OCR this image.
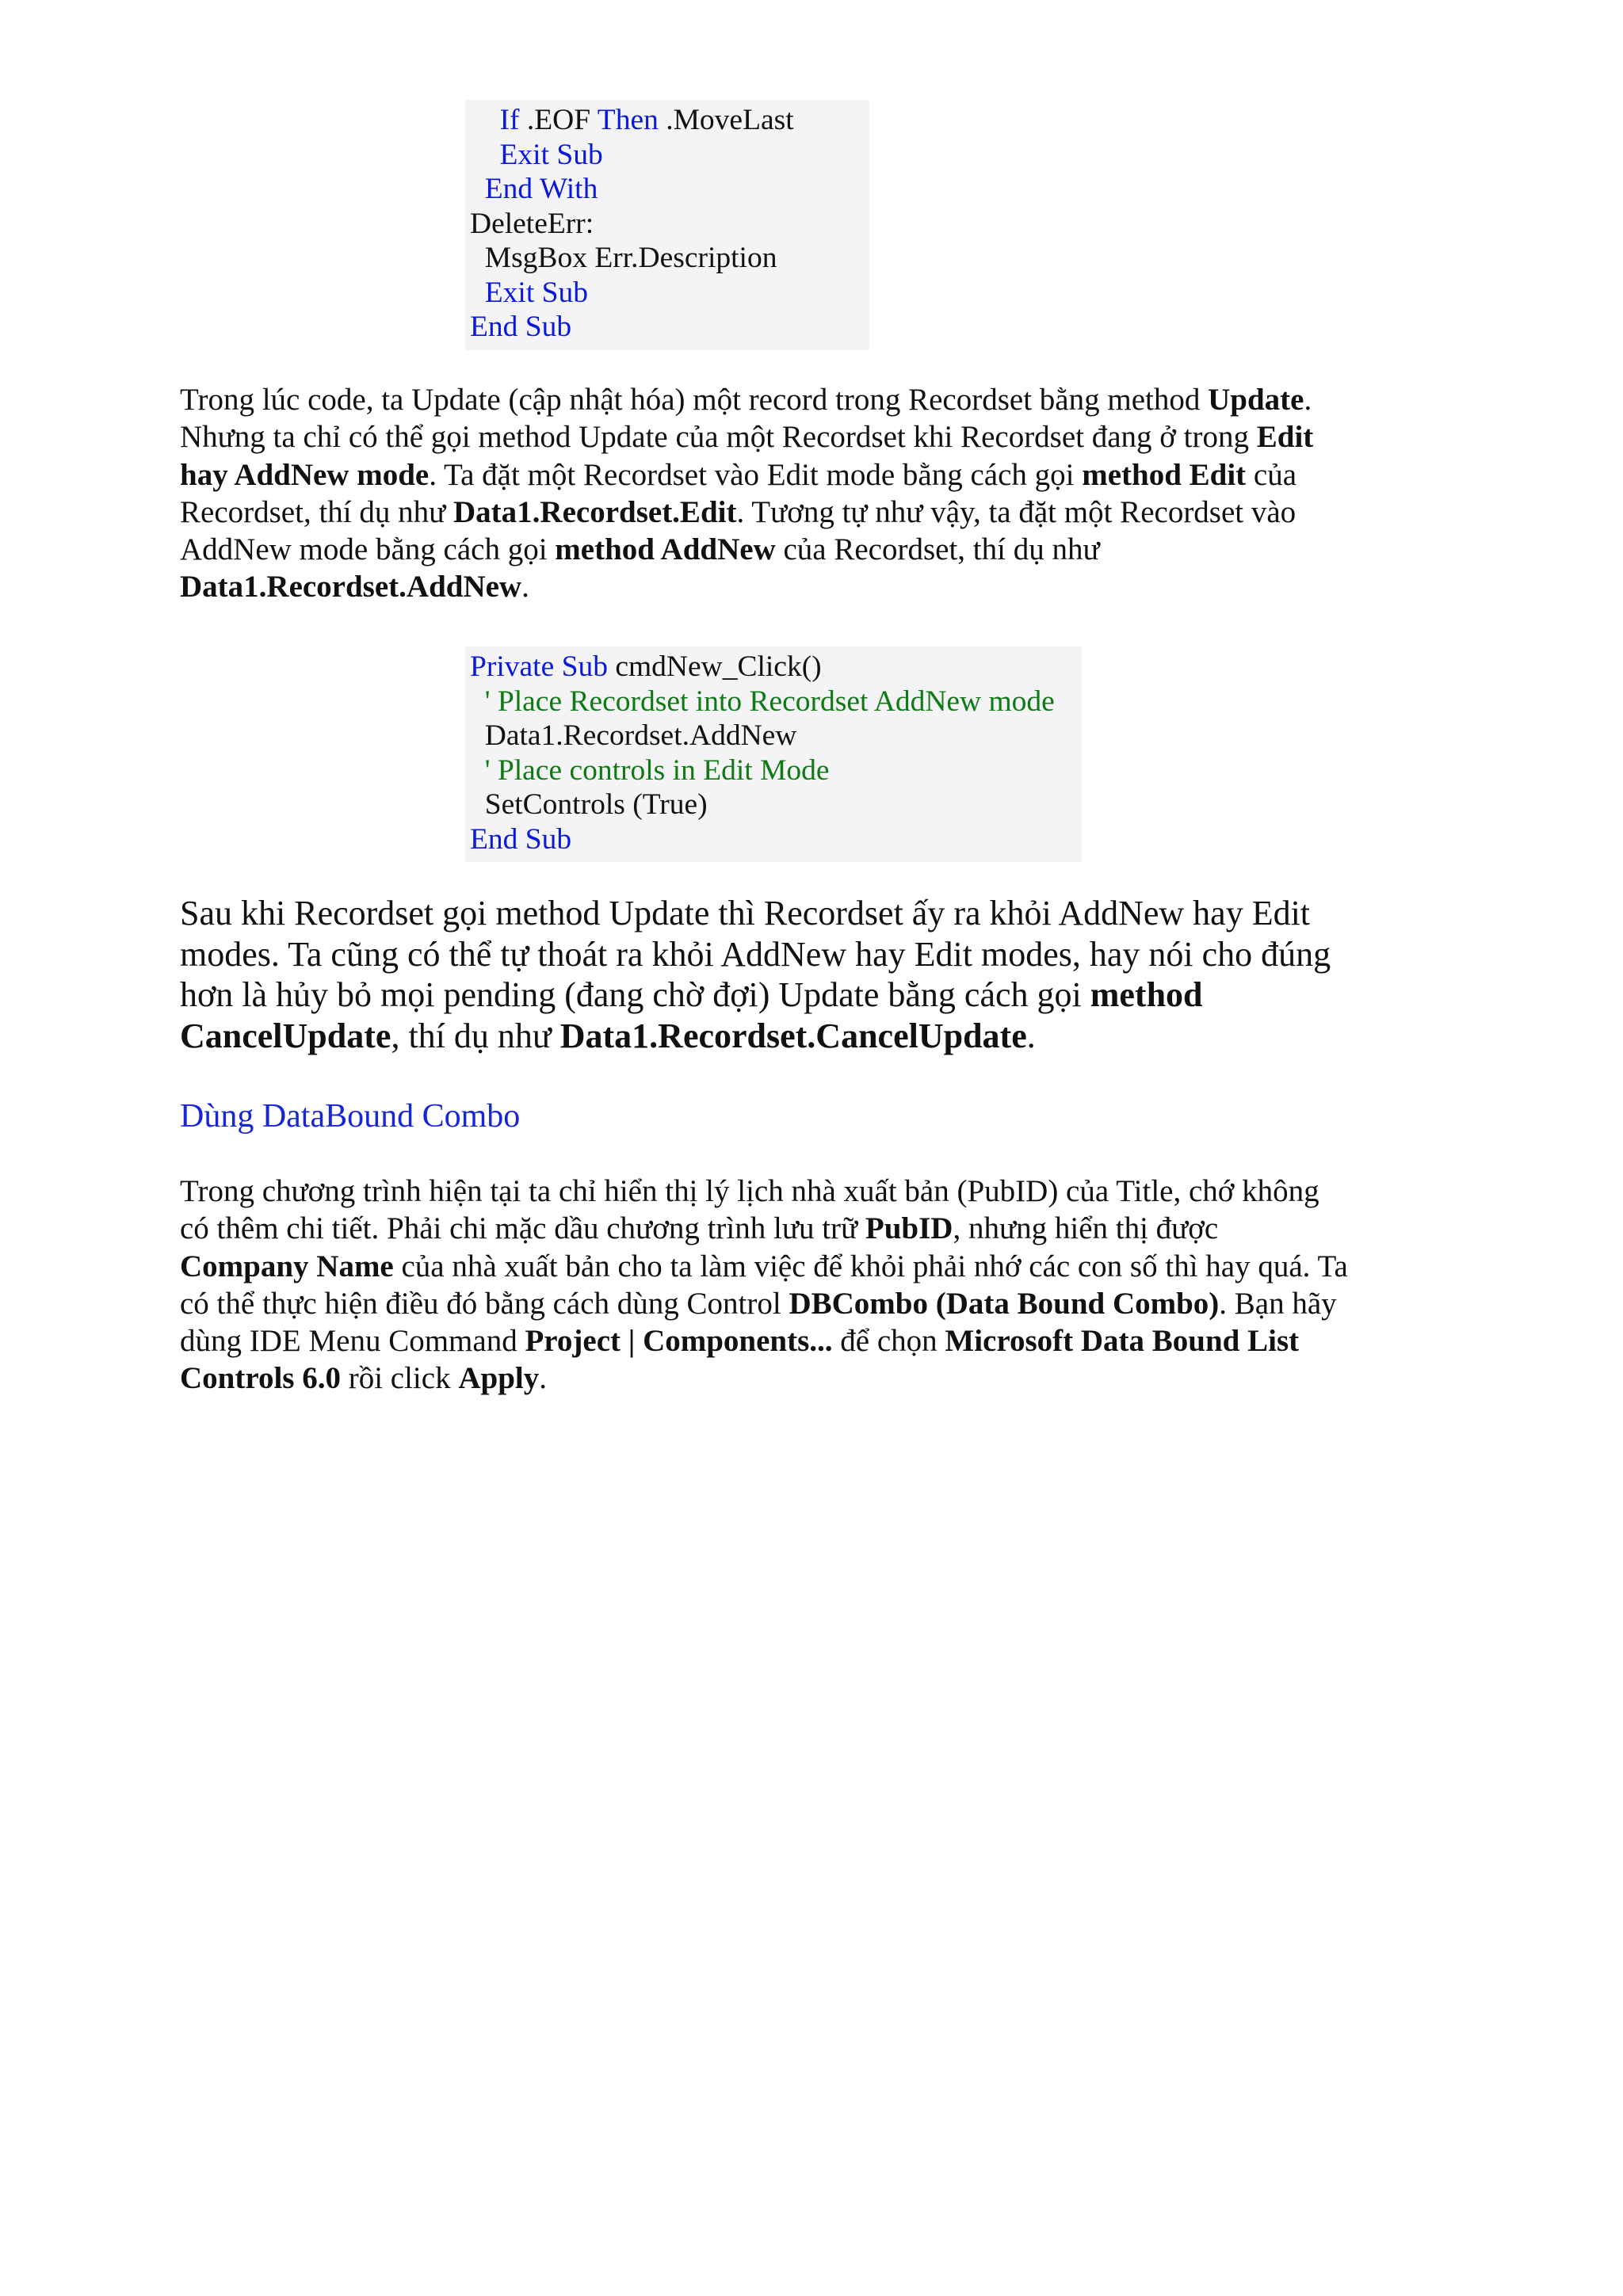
If .EOF Then .MoveLast
Exit Sub
End With
DeleteErr:
MsgBox Err.Description
Exit Sub
End Sub
Trong lúc code, ta Update (cập nhật hóa) một record trong Recordset bằng method Update. Nhưng ta chỉ có thể gọi method Update của một Recordset khi Recordset đang ở trong Edit hay AddNew mode. Ta đặt một Recordset vào Edit mode bằng cách gọi method Edit của Recordset, thí dụ như Data1.Recordset.Edit. Tương tự như vậy, ta đặt một Recordset vào AddNew mode bằng cách gọi method AddNew của Recordset, thí dụ như Data1.Recordset.AddNew.
Private Sub cmdNew_Click()
' Place Recordset into Recordset AddNew mode
Data1.Recordset.AddNew
' Place controls in Edit Mode
SetControls (True)
End Sub
Sau khi Recordset gọi method Update thì Recordset ấy ra khỏi AddNew hay Edit modes. Ta cũng có thể tự thoát ra khỏi AddNew hay Edit modes, hay nói cho đúng hơn là hủy bỏ mọi pending (đang chờ đợi) Update bằng cách gọi method CancelUpdate, thí dụ như Data1.Recordset.CancelUpdate.
Dùng DataBound Combo
Trong chương trình hiện tại ta chỉ hiển thị lý lịch nhà xuất bản (PubID) của Title, chớ không có thêm chi tiết. Phải chi mặc dầu chương trình lưu trữ PubID, nhưng hiển thị được Company Name của nhà xuất bản cho ta làm việc để khỏi phải nhớ các con số thì hay quá. Ta có thể thực hiện điều đó bằng cách dùng Control DBCombo (Data Bound Combo). Bạn hãy dùng IDE Menu Command Project | Components... để chọn Microsoft Data Bound List Controls 6.0 rồi click Apply.
